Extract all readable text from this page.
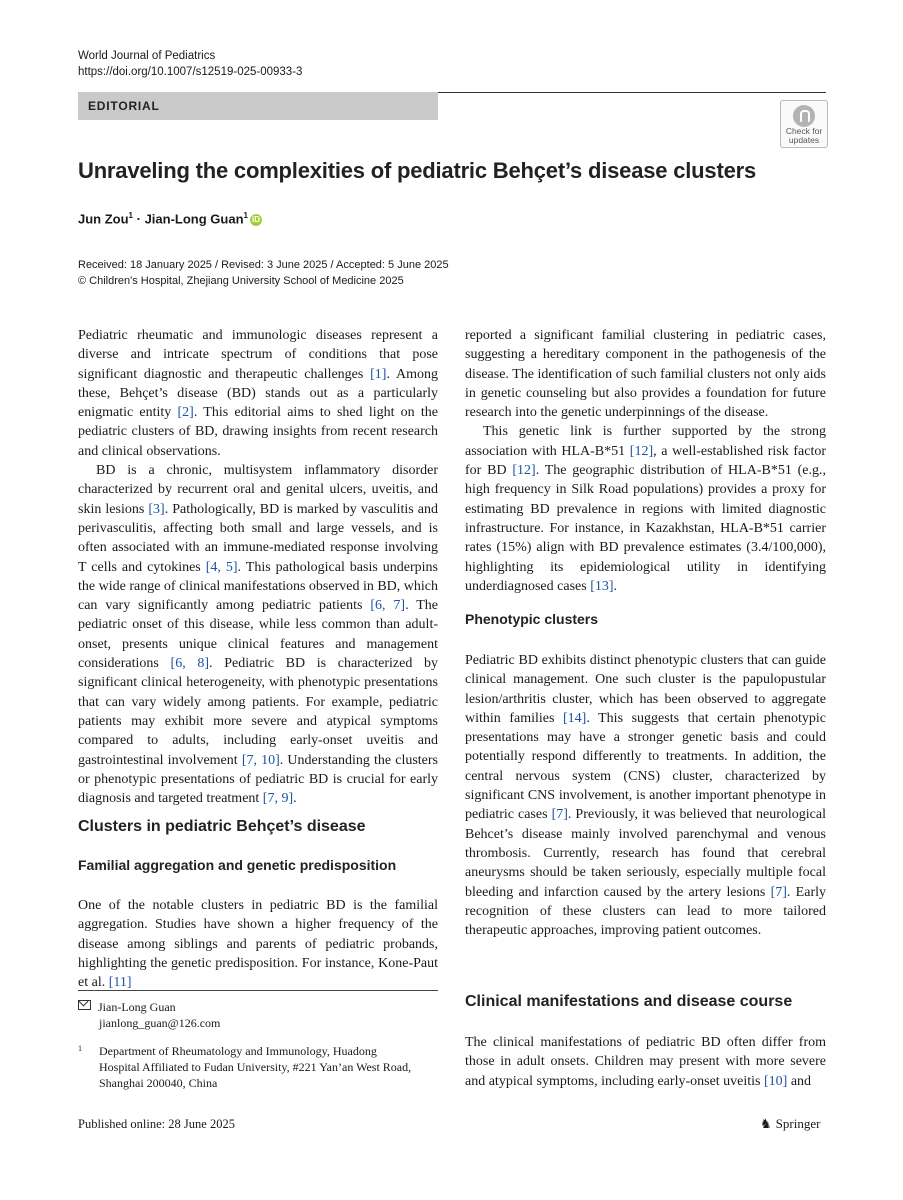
World Journal of Pediatrics
https://doi.org/10.1007/s12519-025-00933-3
EDITORIAL
Check for updates
Unraveling the complexities of pediatric Behçet’s disease clusters
Jun Zou$^1$ · Jian-Long Guan$^1$ iD
Received: 18 January 2025 / Revised: 3 June 2025 / Accepted: 5 June 2025
© Children's Hospital, Zhejiang University School of Medicine 2025

Pediatric rheumatic and immunologic diseases represent a diverse and intricate spectrum of conditions that pose significant diagnostic and therapeutic challenges [1]. Among these, Behçet’s disease (BD) stands out as a particularly enigmatic entity [2]. This editorial aims to shed light on the pediatric clusters of BD, drawing insights from recent research and clinical observations.

BD is a chronic, multisystem inflammatory disorder characterized by recurrent oral and genital ulcers, uveitis, and skin lesions [3]. Pathologically, BD is marked by vasculitis and perivasculitis, affecting both small and large vessels, and is often associated with an immune-mediated response involving T cells and cytokines [4, 5]. This pathological basis underpins the wide range of clinical manifestations observed in BD, which can vary significantly among pediatric patients [6, 7]. The pediatric onset of this disease, while less common than adult-onset, presents unique clinical features and management considerations [6, 8]. Pediatric BD is characterized by significant clinical heterogeneity, with phenotypic presentations that can vary widely among patients. For example, pediatric patients may exhibit more severe and atypical symptoms compared to adults, including early-onset uveitis and gastrointestinal involvement [7, 10]. Understanding the clusters or phenotypic presentations of pediatric BD is crucial for early diagnosis and targeted treatment [7, 9].

Clusters in pediatric Behçet’s disease
Familial aggregation and genetic predisposition

One of the notable clusters in pediatric BD is the familial aggregation. Studies have shown a higher frequency of the disease among siblings and parents of pediatric probands, highlighting the genetic predisposition. For instance, Kone-Paut et al. [11]

reported a significant familial clustering in pediatric cases, suggesting a hereditary component in the pathogenesis of the disease. The identification of such familial clusters not only aids in genetic counseling but also provides a foundation for future research into the genetic underpinnings of the disease.

This genetic link is further supported by the strong association with HLA-B*51 [12], a well-established risk factor for BD [12]. The geographic distribution of HLA-B*51 (e.g., high frequency in Silk Road populations) provides a proxy for estimating BD prevalence in regions with limited diagnostic infrastructure. For instance, in Kazakhstan, HLA-B*51 carrier rates (15%) align with BD prevalence estimates (3.4/100,000), highlighting its epidemiological utility in identifying underdiagnosed cases [13].

Phenotypic clusters

Pediatric BD exhibits distinct phenotypic clusters that can guide clinical management. One such cluster is the papulopustular lesion/arthritis cluster, which has been observed to aggregate within families [14]. This suggests that certain phenotypic presentations may have a stronger genetic basis and could potentially respond differently to treatments. In addition, the central nervous system (CNS) cluster, characterized by significant CNS involvement, is another important phenotype in pediatric cases [7]. Previously, it was believed that neurological Behcet’s disease mainly involved parenchymal and venous thrombosis. Currently, research has found that cerebral aneurysms should be taken seriously, especially multiple focal bleeding and infarction caused by the artery lesions [7]. Early recognition of these clusters can lead to more tailored therapeutic approaches, improving patient outcomes.

Clinical manifestations and disease course

The clinical manifestations of pediatric BD often differ from those in adult onsets. Children may present with more severe and atypical symptoms, including early-onset uveitis [10] and

Jian-Long Guan
jianlong_guan@126.com
1 Department of Rheumatology and Immunology, Huadong Hospital Affiliated to Fudan University, #221 Yan’an West Road, Shanghai 200040, China
Published online: 28 June 2025	♞ Springer
